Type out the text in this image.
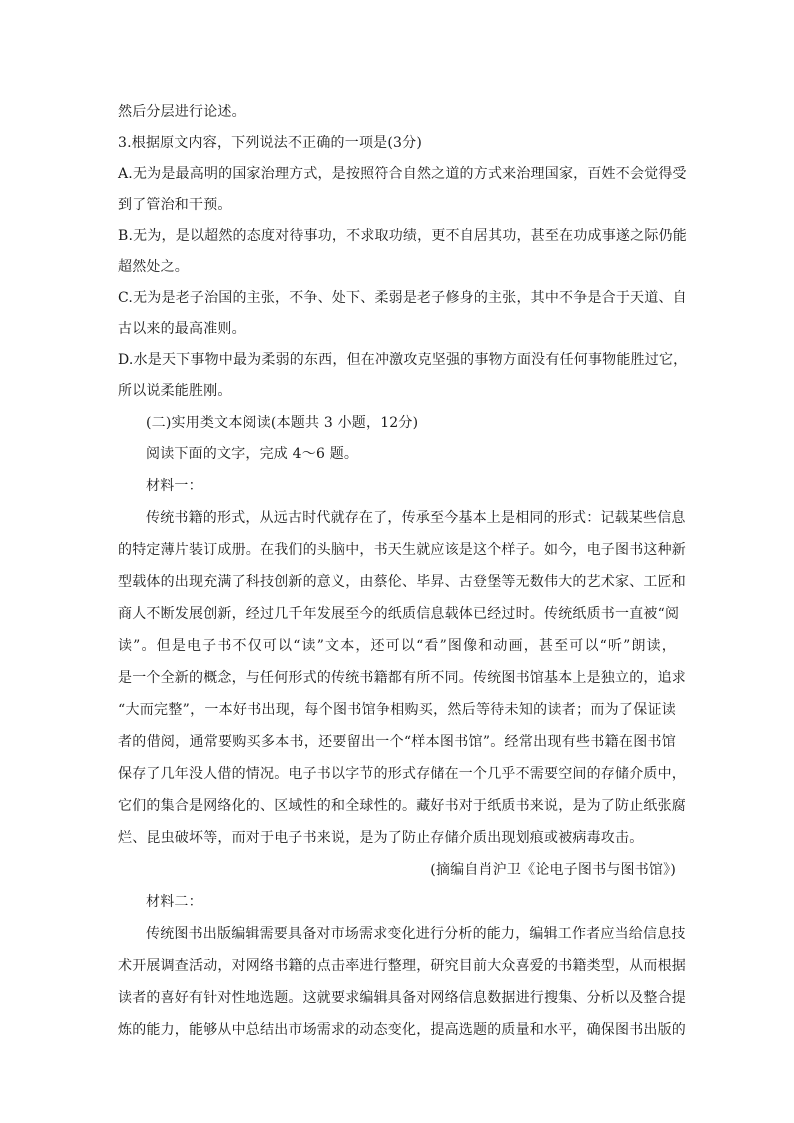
然后分层进行论述。
3.根据原文内容，下列说法不正确的一项是(3分)
A.无为是最高明的国家治理方式，是按照符合自然之道的方式来治理国家，百姓不会觉得受
到了管治和干预。
B.无为，是以超然的态度对待事功，不求取功绩，更不自居其功，甚至在功成事遂之际仍能
超然处之。
C.无为是老子治国的主张，不争、处下、柔弱是老子修身的主张，其中不争是合于天道、自
古以来的最高准则。
D.水是天下事物中最为柔弱的东西，但在冲激攻克坚强的事物方面没有任何事物能胜过它，
所以说柔能胜刚。
(二)实用类文本阅读(本题共 3 小题，12分)
阅读下面的文字，完成 4～6 题。
材料一：
传统书籍的形式，从远古时代就存在了，传承至今基本上是相同的形式：记载某些信息
的特定薄片装订成册。在我们的头脑中，书天生就应该是这个样子。如今，电子图书这种新
型载体的出现充满了科技创新的意义，由蔡伦、毕昇、古登堡等无数伟大的艺术家、工匠和
商人不断发展创新，经过几千年发展至今的纸质信息载体已经过时。传统纸质书一直被“阅
读”。但是电子书不仅可以“读”文本，还可以“看”图像和动画，甚至可以“听”朗读，
是一个全新的概念，与任何形式的传统书籍都有所不同。传统图书馆基本上是独立的，追求
“大而完整”，一本好书出现，每个图书馆争相购买，然后等待未知的读者；而为了保证读
者的借阅，通常要购买多本书，还要留出一个“样本图书馆”。经常出现有些书籍在图书馆
保存了几年没人借的情况。电子书以字节的形式存储在一个几乎不需要空间的存储介质中，
它们的集合是网络化的、区域性的和全球性的。藏好书对于纸质书来说，是为了防止纸张腐
烂、昆虫破坏等，而对于电子书来说，是为了防止存储介质出现划痕或被病毒攻击。
(摘编自肖沪卫《论电子图书与图书馆》)
材料二：
传统图书出版编辑需要具备对市场需求变化进行分析的能力，编辑工作者应当给信息技
术开展调查活动，对网络书籍的点击率进行整理，研究目前大众喜爱的书籍类型，从而根据
读者的喜好有针对性地选题。这就要求编辑具备对网络信息数据进行搜集、分析以及整合提
炼的能力，能够从中总结出市场需求的动态变化，提高选题的质量和水平，确保图书出版的
